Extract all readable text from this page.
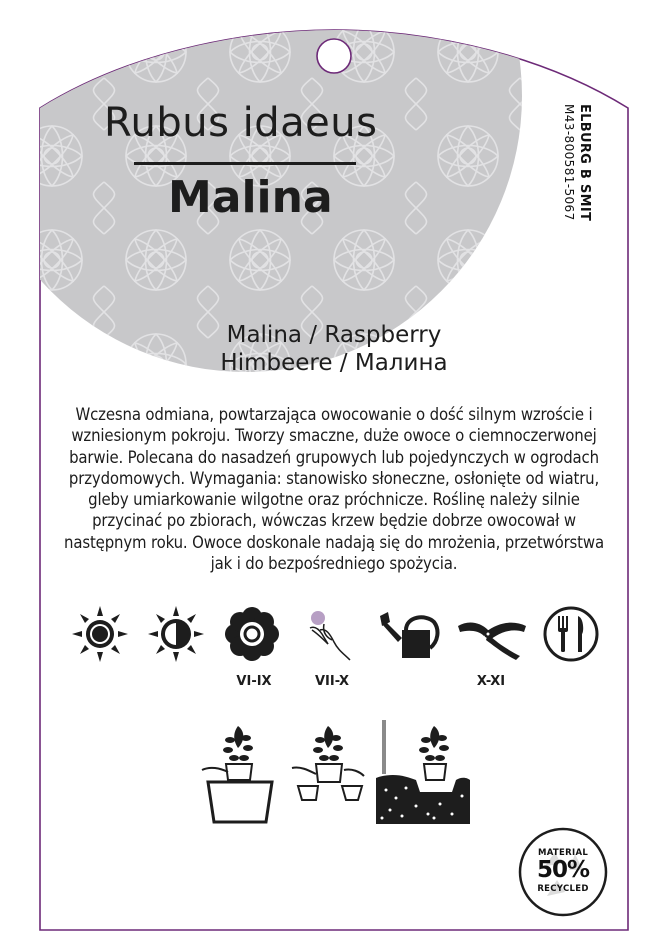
Rubus idaeus
Malina	ELBURG B SMIT
M43-800581-5067
Malina / Raspberry
Himbeere / Малина
Wczesna odmiana, powtarzająca owocowanie o dość silnym wzroście i wzniesionym pokroju. Tworzy smaczne, duże owoce o ciemnoczerwonej barwie. Polecana do nasadzeń grupowych lub pojedynczych w ogrodach przydomowych. Wymagania: stanowisko słoneczne, osłonięte od wiatru, gleby umiarkowanie wilgotne oraz próchnicze. Roślinę należy silnie przycinać po zbiorach, wówczas krzew będzie dobrze owocował w następnym roku. Owoce doskonale nadają się do mrożenia, przetwórstwa jak i do bezpośredniego spożycia.
VI-IX	VII-X	X-XI
MATERIAL
50%
RECYCLED
